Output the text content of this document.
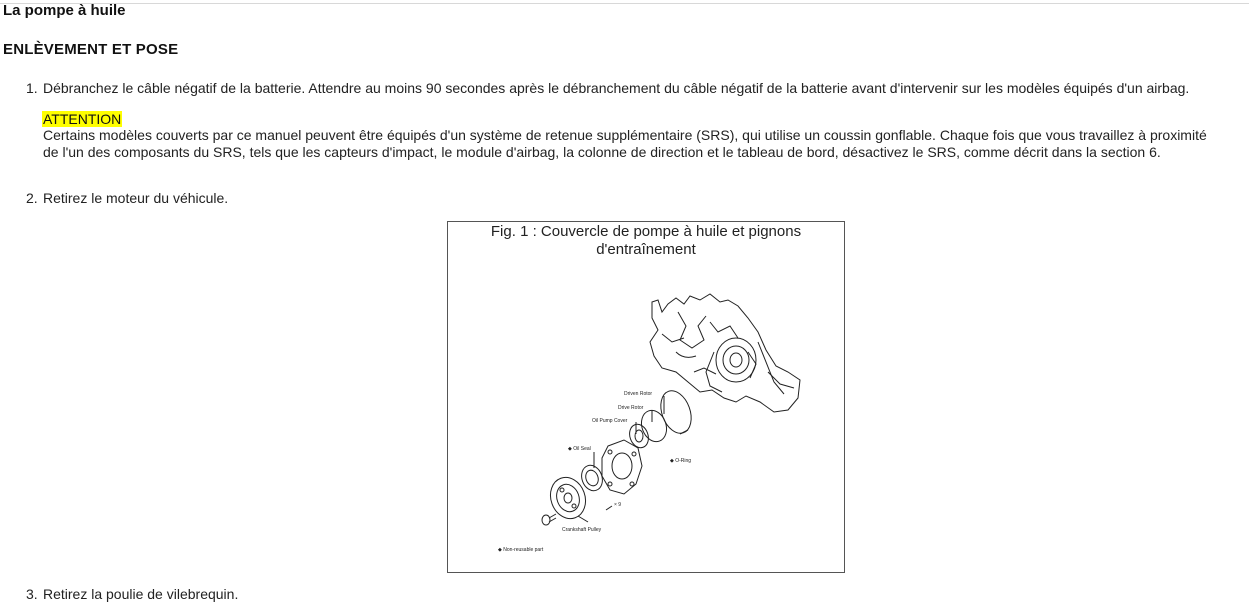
La pompe à huile
ENLÈVEMENT ET POSE
1. Débranchez le câble négatif de la batterie. Attendre au moins 90 secondes après le débranchement du câble négatif de la batterie avant d'intervenir sur les modèles équipés d'un airbag.
ATTENTION
Certains modèles couverts par ce manuel peuvent être équipés d'un système de retenue supplémentaire (SRS), qui utilise un coussin gonflable. Chaque fois que vous travaillez à proximité de l'un des composants du SRS, tels que les capteurs d'impact, le module d'airbag, la colonne de direction et le tableau de bord, désactivez le SRS, comme décrit dans la section 6.
2. Retirez le moteur du véhicule.
Fig. 1 : Couvercle de pompe à huile et pignons d'entraînement
Driven Rotor
Drive Rotor
Oil Pump Cover
◆ Oil Seal
◆ O-Ring
× 9
Crankshaft Pulley
◆ Non-reusable part
3. Retirez la poulie de vilebrequin.
